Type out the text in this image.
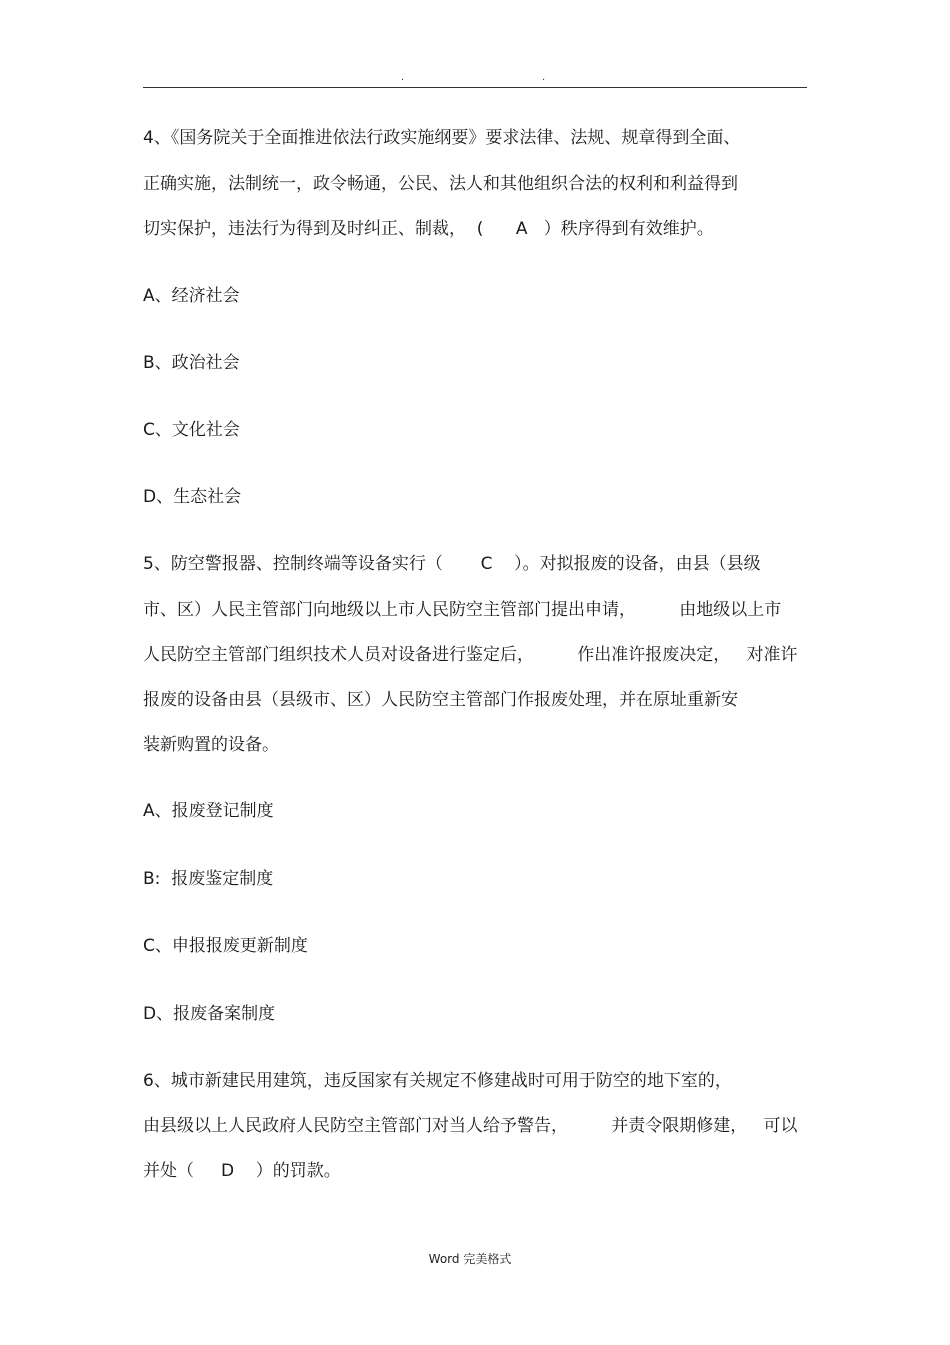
.	.
4、《国务院关于全面推进依法行政实施纲要》要求法律、法规、规章得到全面、
正确实施，法制统一，政令畅通，公民、法人和其他组织合法的权利和利益得到
切实保护，违法行为得到及时纠正、制裁，  (      A   ）秩序得到有效维护。
A、经济社会
B、政治社会
C、文化社会
D、生态社会
5、防空警报器、控制终端等设备实行（       C    ）。对拟报废的设备，由县（县级
市、区）人民主管部门向地级以上市人民防空主管部门提出申请，        由地级以上市
人民防空主管部门组织技术人员对设备进行鉴定后，        作出准许报废决定，   对准许
报废的设备由县（县级市、区）人民防空主管部门作报废处理，并在原址重新安
装新购置的设备。
A、报废登记制度
B:  报废鉴定制度
C、申报报废更新制度
D、报废备案制度
6、城市新建民用建筑，违反国家有关规定不修建战时可用于防空的地下室的，
由县级以上人民政府人民防空主管部门对当人给予警告，        并责令限期修建，   可以
并处（     D    ）的罚款。
Word 完美格式
